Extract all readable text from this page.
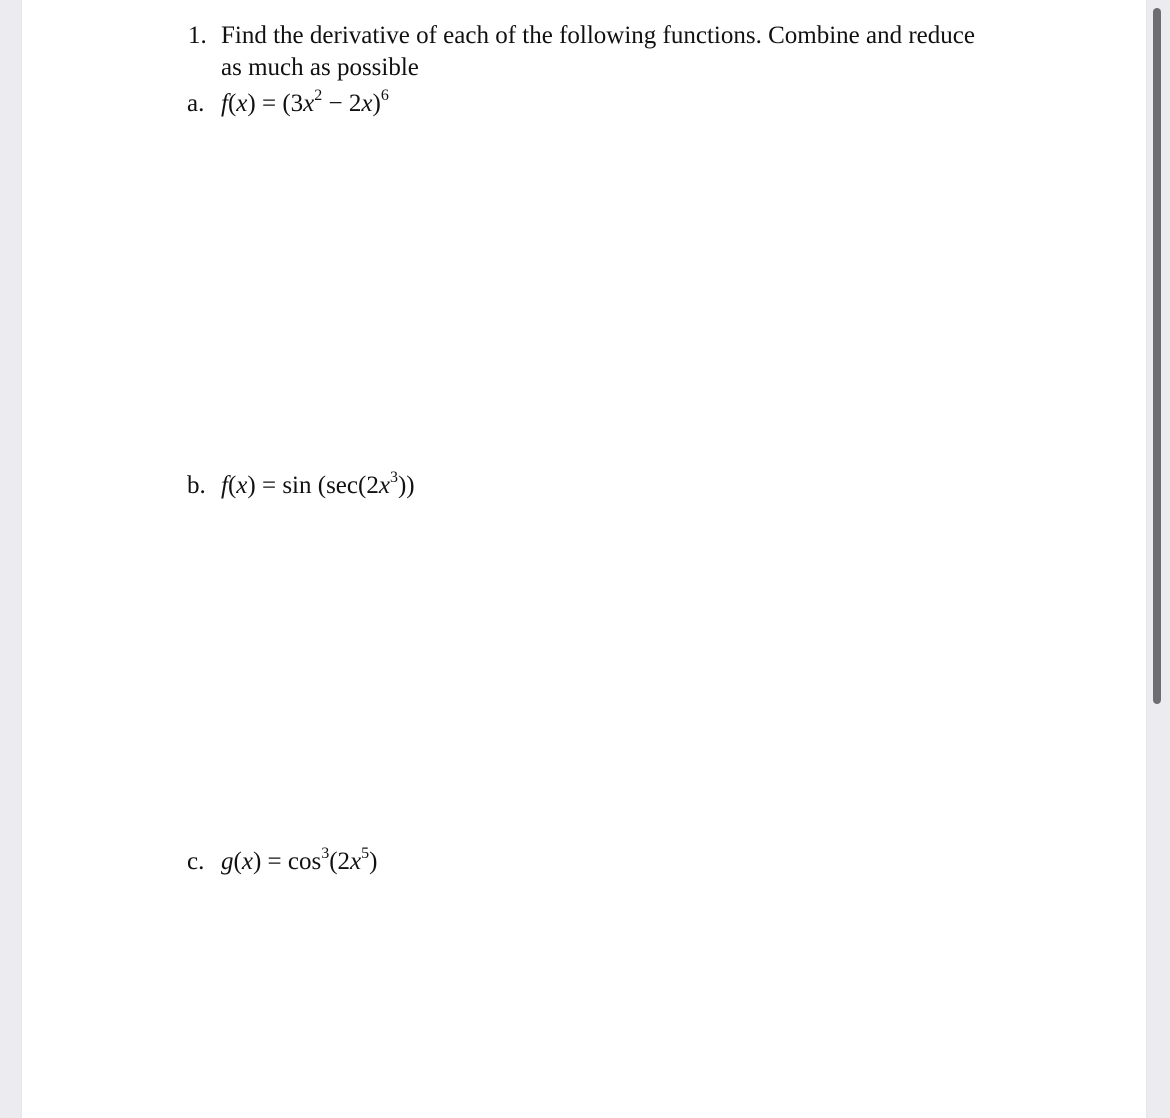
1. Find the derivative of each of the following functions. Combine and reduce
as much as possible
a. $f(x) = (3x^2 - 2x)^6$
b. $f(x) = \sin (\sec(2x^3))$
c. $g(x) = \cos^3(2x^5)$
